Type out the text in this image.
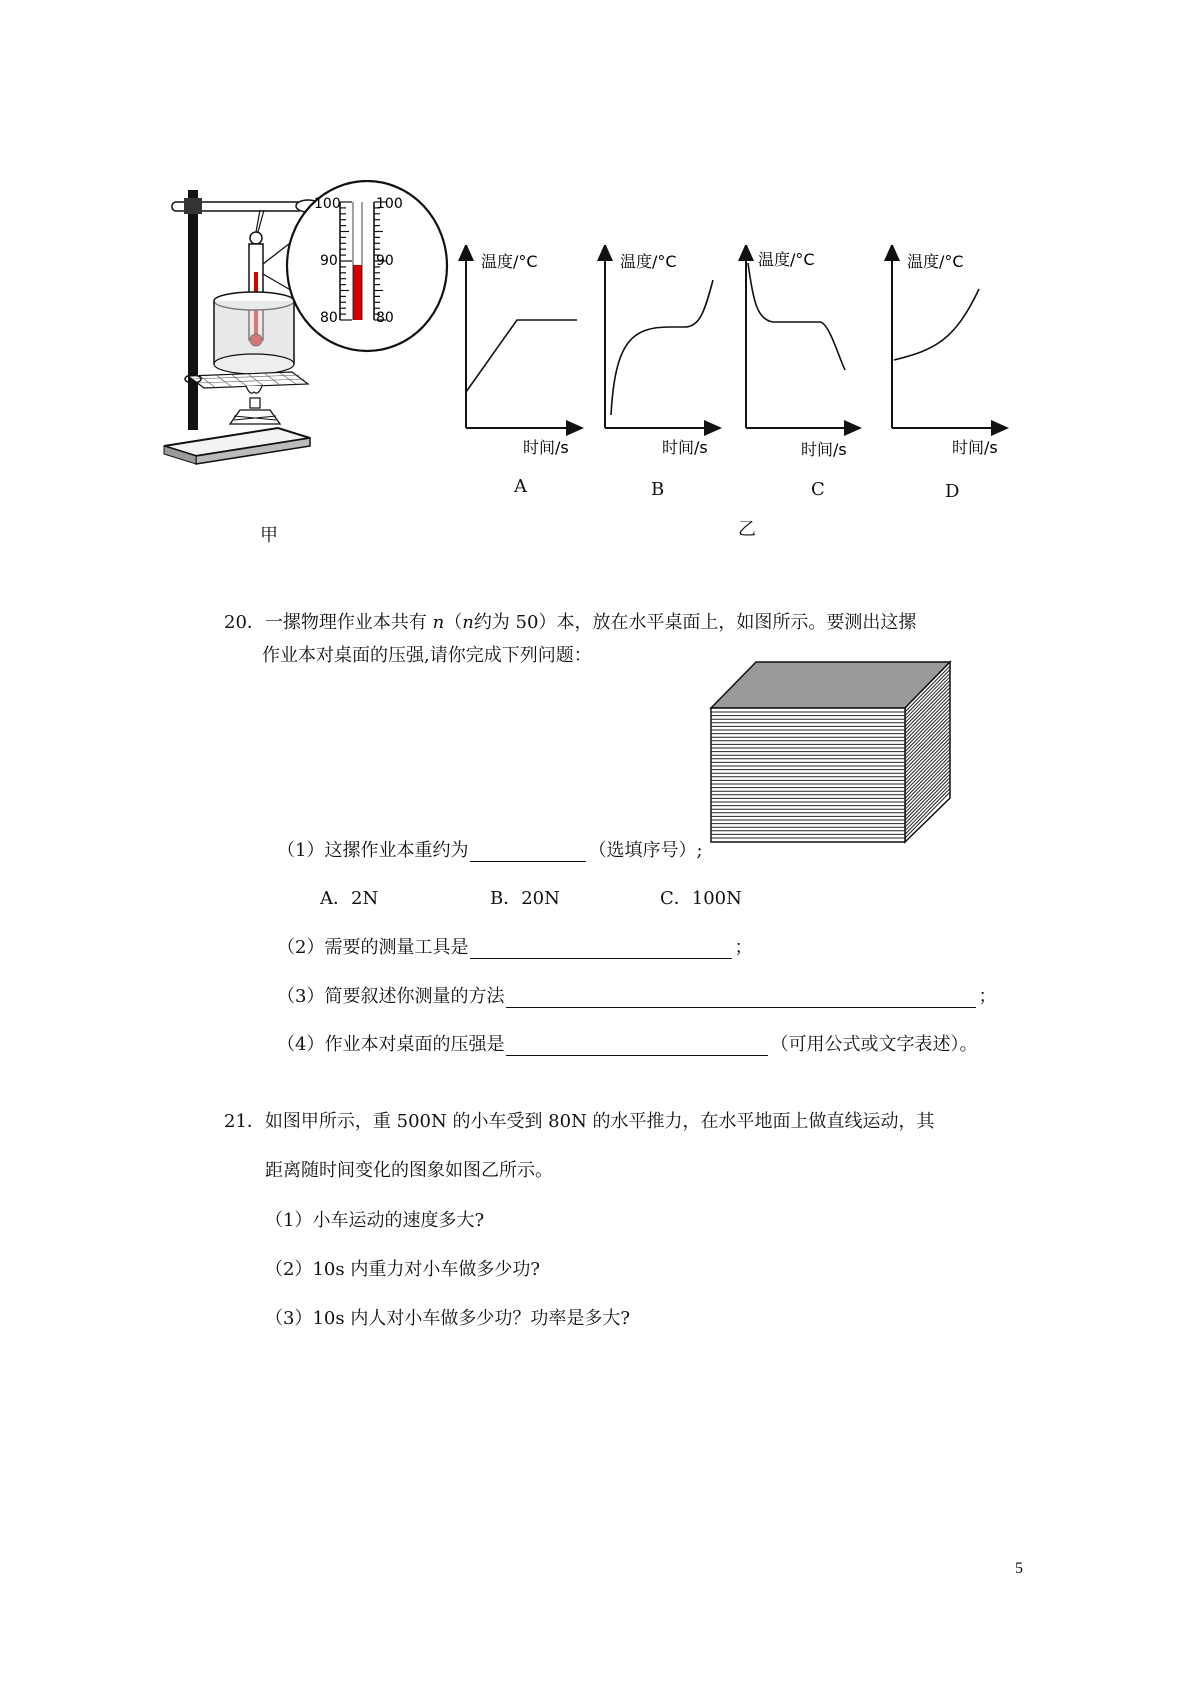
100
90
80
100
90
80
温度/°C
时间/s
温度/°C
时间/s
温度/°C
时间/s
温度/°C
时间/s
A	B	C	D
甲	乙
20．一摞物理作业本共有 n（n约为 50）本，放在水平桌面上，如图所示。要测出这摞
作业本对桌面的压强,请你完成下列问题：
（1）这摞作业本重约为	（选填序号）;
A．2N	B．20N	C．100N
（2）需要的测量工具是	；
（3）简要叙述你测量的方法	；
（4）作业本对桌面的压强是	（可用公式或文字表述）。
21．如图甲所示，重 500N 的小车受到 80N 的水平推力，在水平地面上做直线运动，其
距离随时间变化的图象如图乙所示。
（1）小车运动的速度多大?
（2）10s 内重力对小车做多少功?
（3）10s 内人对小车做多少功？功率是多大?
5
